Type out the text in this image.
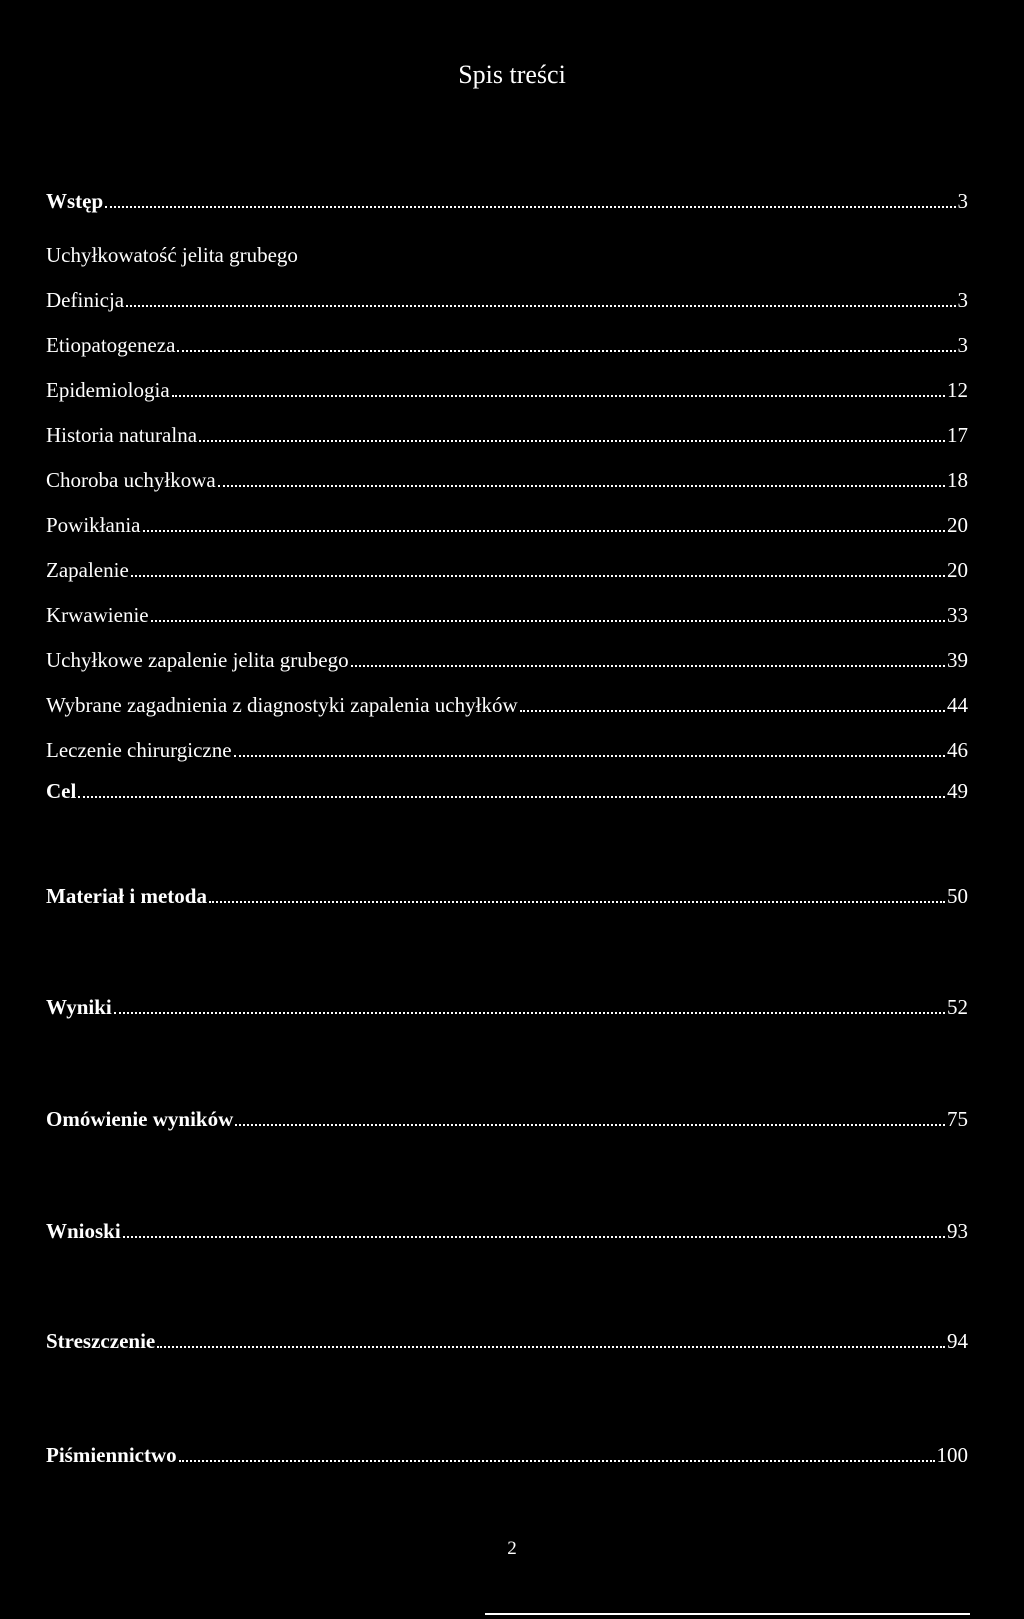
Spis treści
Wstęp	3
Uchyłkowatość jelita grubego
Definicja	3
Etiopatogeneza	3
Epidemiologia	12
Historia naturalna	17
Choroba uchyłkowa	18
Powikłania	20
Zapalenie	20
Krwawienie	33
Uchyłkowe zapalenie jelita grubego	39
Wybrane zagadnienia z diagnostyki zapalenia uchyłków	44
Leczenie chirurgiczne	46
Cel	49
Materiał i metoda	50
Wyniki	52
Omówienie wyników	75
Wnioski	93
Streszczenie	94
Piśmiennictwo	100
2
